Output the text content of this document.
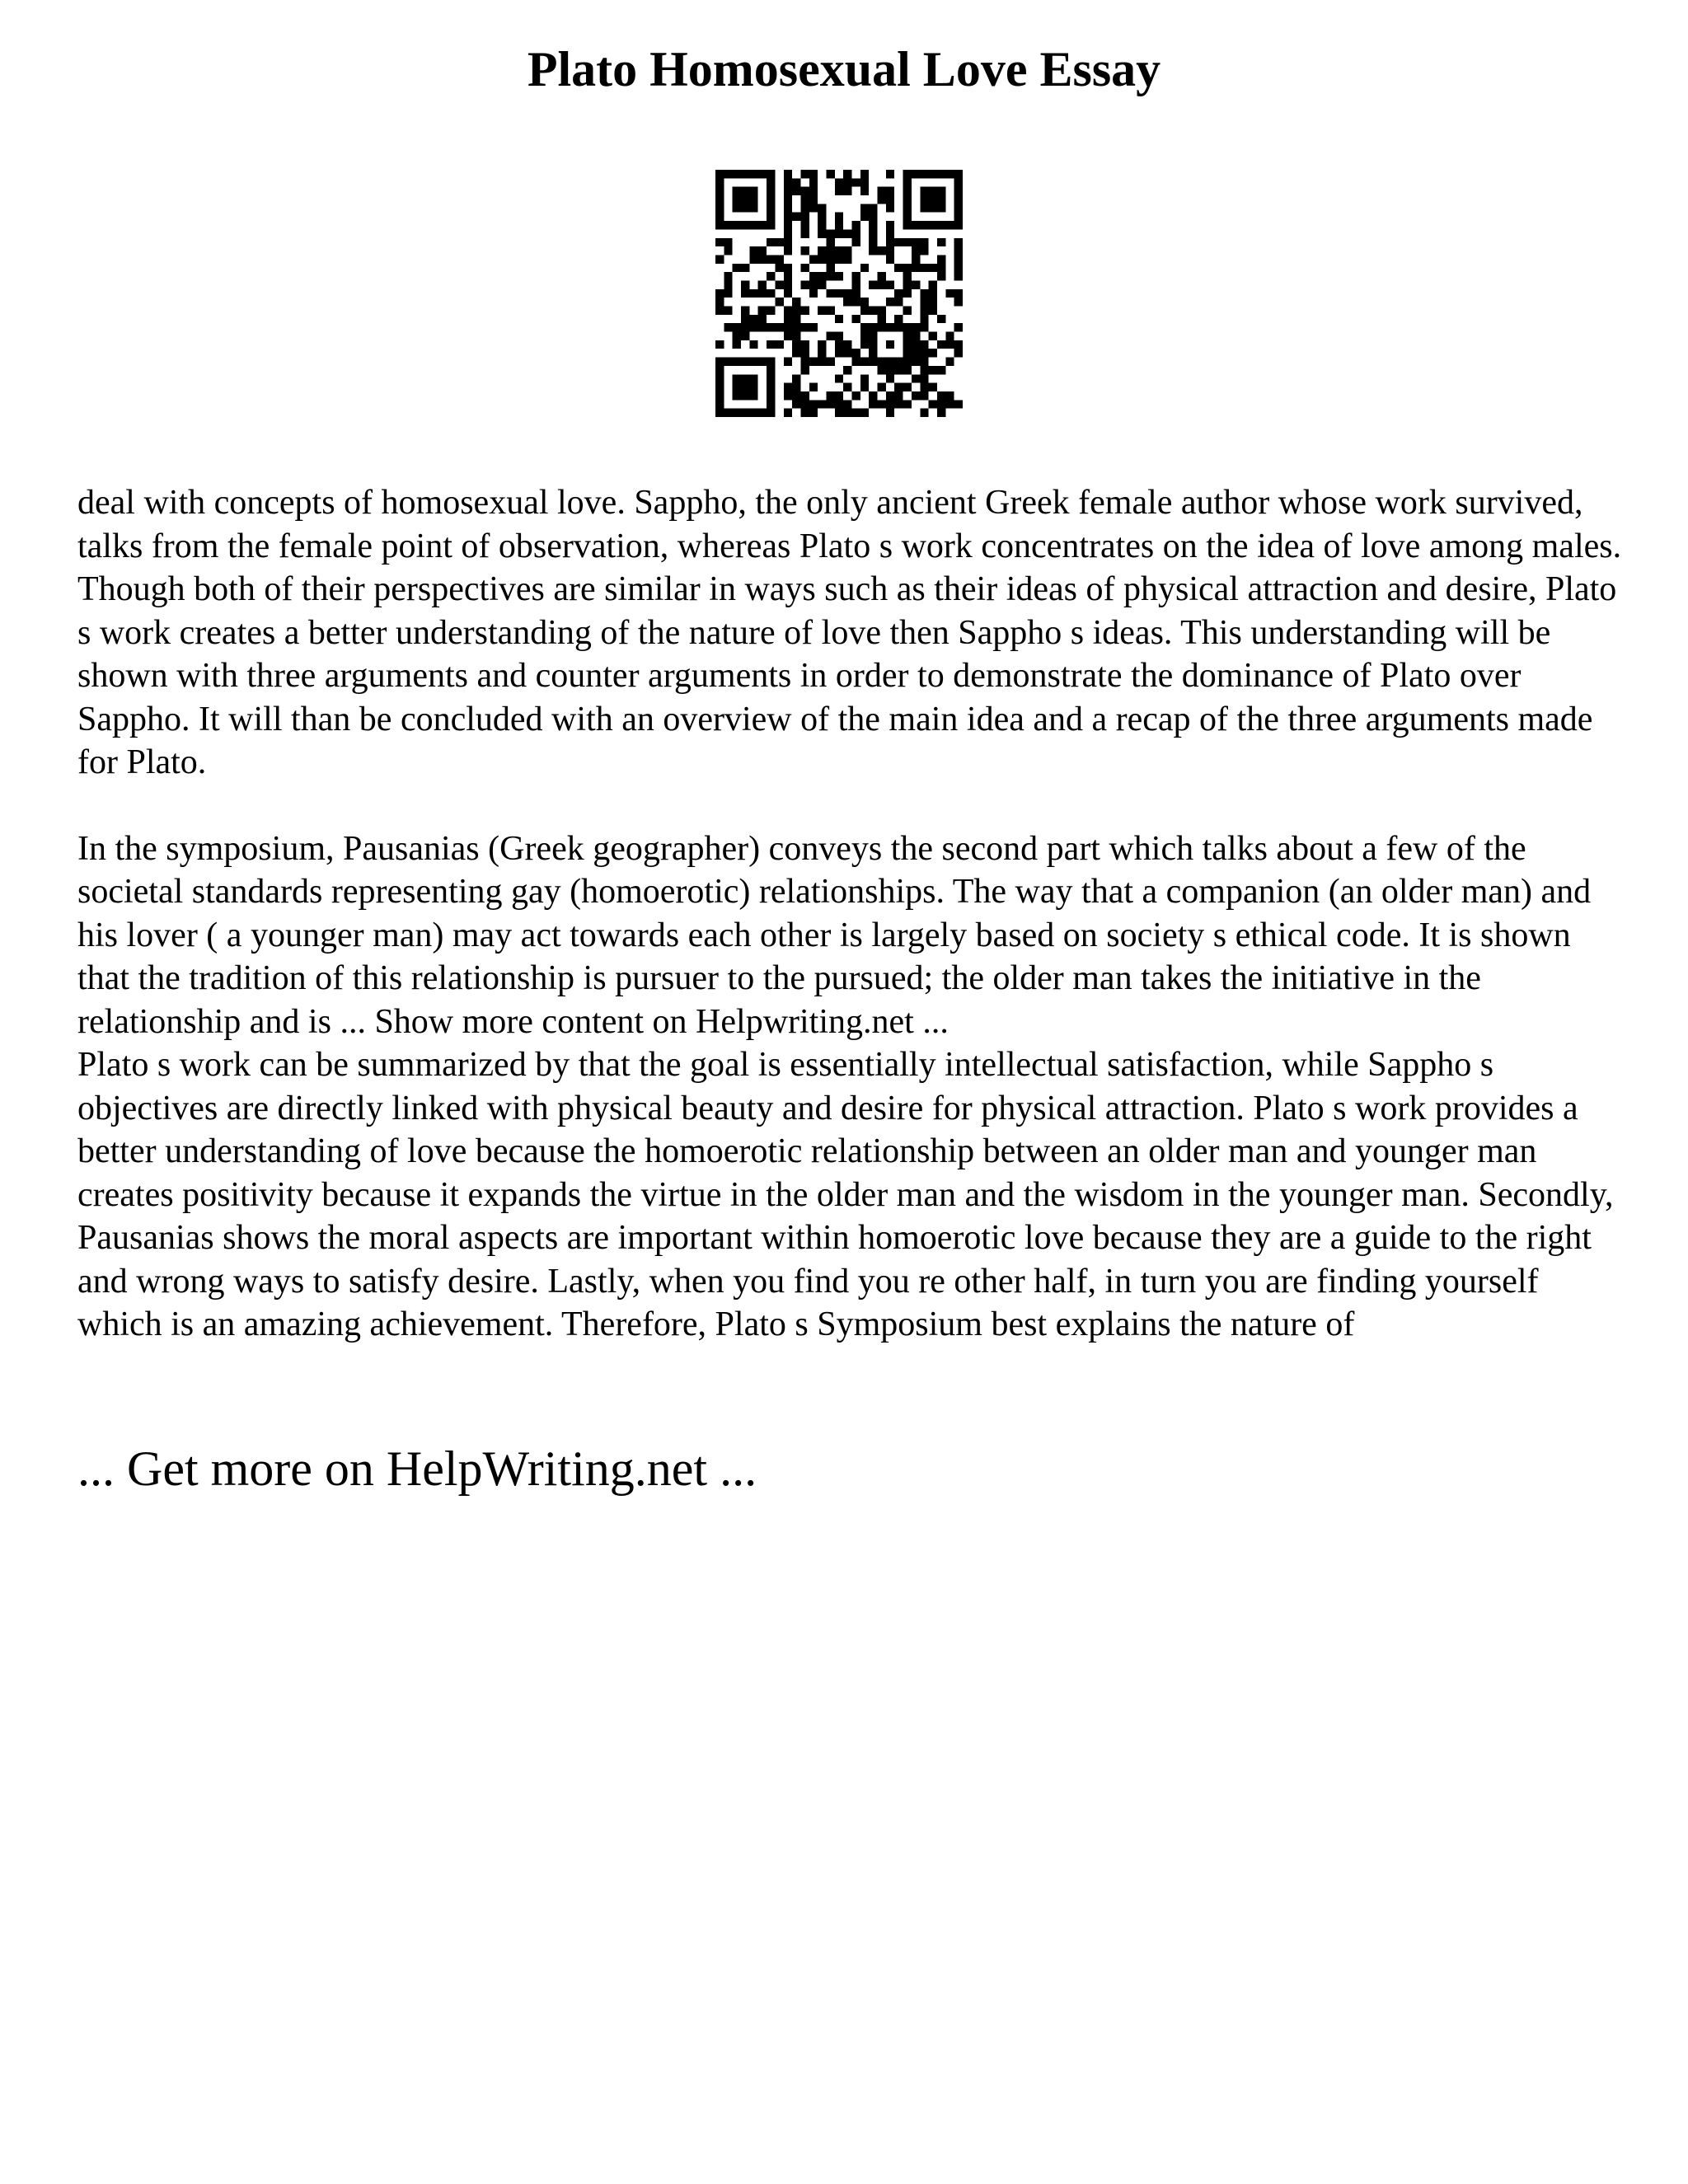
Plato Homosexual Love Essay

deal with concepts of homosexual love. Sappho, the only ancient Greek female author whose work survived, talks from the female point of observation, whereas Plato s work concentrates on the idea of love among males. Though both of their perspectives are similar in ways such as their ideas of physical attraction and desire, Plato s work creates a better understanding of the nature of love then Sappho s ideas. This understanding will be shown with three arguments and counter arguments in order to demonstrate the dominance of Plato over Sappho. It will than be concluded with an overview of the main idea and a recap of the three arguments made for Plato.

In the symposium, Pausanias (Greek geographer) conveys the second part which talks about a few of the societal standards representing gay (homoerotic) relationships. The way that a companion (an older man) and his lover ( a younger man) may act towards each other is largely based on society s ethical code. It is shown that the tradition of this relationship is pursuer to the pursued; the older man takes the initiative in the relationship and is ... Show more content on Helpwriting.net ...

Plato s work can be summarized by that the goal is essentially intellectual satisfaction, while Sappho s objectives are directly linked with physical beauty and desire for physical attraction. Plato s work provides a better understanding of love because the homoerotic relationship between an older man and younger man creates positivity because it expands the virtue in the older man and the wisdom in the younger man. Secondly, Pausanias shows the moral aspects are important within homoerotic love because they are a guide to the right and wrong ways to satisfy desire. Lastly, when you find you re other half, in turn you are finding yourself which is an amazing achievement. Therefore, Plato s Symposium best explains the nature of

... Get more on HelpWriting.net ...
